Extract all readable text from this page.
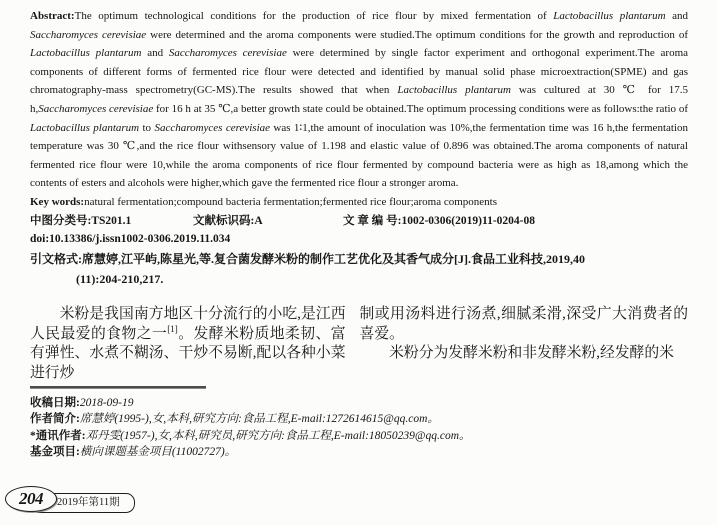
Abstract:The optimum technological conditions for the production of rice flour by mixed fermentation of Lactobacillus plantarum and Saccharomyces cerevisiae were determined and the aroma components were studied.The optimum conditions for the growth and reproduction of Lactobacillus plantarum and Saccharomyces cerevisiae were determined by single factor experiment and orthogonal experiment.The aroma components of different forms of fermented rice flour were detected and identified by manual solid phase microextraction(SPME) and gas chromatography-mass spectrometry(GC-MS).The results showed that when Lactobacillus plantarum was cultured at 30 ℃ for 17.5 h,Saccharomyces cerevisiae for 16 h at 35 ℃,a better growth state could be obtained.The optimum processing conditions were as follows:the ratio of Lactobacillus plantarum to Saccharomyces cerevisiae was 1∶1,the amount of inoculation was 10%,the fermentation time was 16 h,the fermentation temperature was 30 ℃,and the rice flour withsensory value of 1.198 and elastic value of 0.896 was obtained.The aroma components of natural fermented rice flour were 10,while the aroma components of rice flour fermented by compound bacteria were as high as 18,among which the contents of esters and alcohols were higher,which gave the fermented rice flour a stronger aroma.

Key words:natural fermentation;compound bacteria fermentation;fermented rice flour;aroma components

中图分类号:TS201.1	文献标识码:A	文 章 编 号:1002-0306(2019)11-0204-08

doi:10.13386/j.issn1002-0306.2019.11.034

引文格式:席慧婷,江平屿,陈星光,等.复合菌发酵米粉的制作工艺优化及其香气成分[J].食品工业科技,2019,40

(11):204-210,217.

米粉是我国南方地区十分流行的小吃,是江西人民最爱的食物之一[1]。发酵米粉质地柔韧、富有弹性、水煮不糊汤、干炒不易断,配以各种小菜进行炒

制或用汤料进行汤煮,细腻柔滑,深受广大消费者的喜爱。

米粉分为发酵米粉和非发酵米粉,经发酵的米

收稿日期:2018-09-19

作者简介:席慧婷(1995-),女,本科,研究方向:食品工程,E-mail:1272614615@qq.com。

*通讯作者:邓丹雯(1957-),女,本科,研究员,研究方向:食品工程,E-mail:18050239@qq.com。

基金项目:横向课题基金项目(11002727)。

2019年第11期
204
